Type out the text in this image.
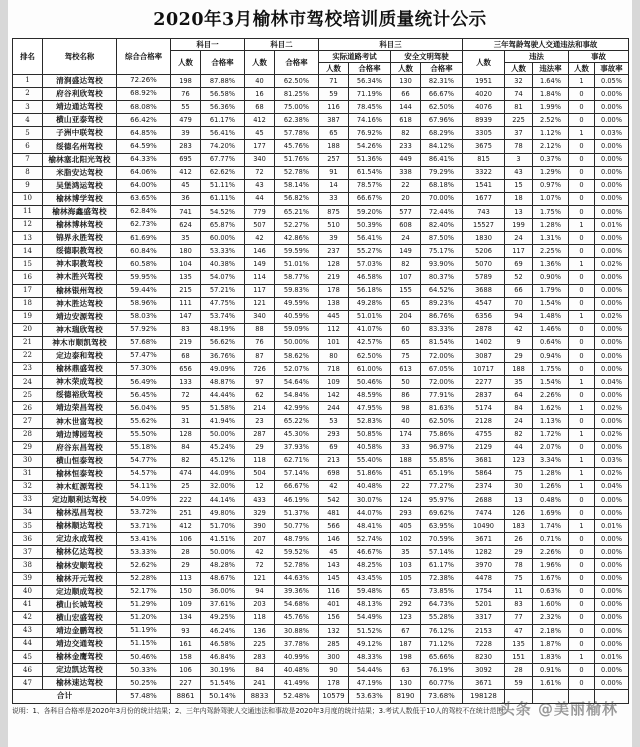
2020年3月榆林市驾校培训质量统计公示
排名	驾校名称	综合合格率	科目一		科目二		科目三				三年驾龄驾驶人交通违法和事故				
			人数	合格率	人数	合格率	实际道路考试		安全文明驾驶		人数	违法		事故	
							人数	合格率	人数	合格率		人数	违法率	人数	事故率
1	清涧盛达驾校	72.26%	198	87.88%	40	62.50%	71	56.34%	130	82.31%	1951	32	1.64%	1	0.05%
2	府谷利欣驾校	68.92%	76	56.58%	16	81.25%	59	71.19%	66	66.67%	4020	74	1.84%	0	0.00%
3	靖边通达驾校	68.08%	55	56.36%	68	75.00%	116	78.45%	144	62.50%	4076	81	1.99%	0	0.00%
4	横山亚泰驾校	66.42%	479	61.17%	412	62.38%	387	74.16%	618	67.96%	8939	225	2.52%	0	0.00%
5	子洲中联驾校	64.85%	39	56.41%	45	57.78%	65	76.92%	82	68.29%	3305	37	1.12%	1	0.03%
6	绥德名州驾校	64.59%	283	74.20%	177	45.76%	188	54.26%	233	84.12%	3675	78	2.12%	0	0.00%
7	榆林塞北阳光驾校	64.33%	695	67.77%	340	51.76%	257	51.36%	449	86.41%	815	3	0.37%	0	0.00%
8	米脂安达驾校	64.06%	412	62.62%	72	52.78%	91	61.54%	338	79.29%	3322	43	1.29%	0	0.00%
9	吴堡鸿运驾校	64.00%	45	51.11%	43	58.14%	14	78.57%	22	68.18%	1541	15	0.97%	0	0.00%
10	榆林博学驾校	63.65%	36	61.11%	44	56.82%	33	66.67%	20	70.00%	1677	18	1.07%	0	0.00%
11	榆林海鑫盛驾校	62.84%	741	54.52%	779	65.21%	875	59.20%	577	72.44%	743	13	1.75%	0	0.00%
12	榆林博林驾校	62.73%	624	65.87%	507	52.27%	510	50.39%	608	82.40%	15527	199	1.28%	1	0.01%
13	锦界永胜驾校	61.69%	35	60.00%	42	42.86%	39	56.41%	24	87.50%	1830	24	1.31%	0	0.00%
14	绥德职教驾校	60.84%	180	53.33%	146	59.59%	237	55.27%	149	75.17%	5206	117	2.25%	0	0.00%
15	神木职教驾校	60.58%	104	40.38%	149	51.01%	128	57.03%	82	93.90%	5070	69	1.36%	1	0.02%
16	神木胜兴驾校	59.95%	135	54.07%	114	58.77%	219	46.58%	107	80.37%	5789	52	0.90%	0	0.00%
17	榆林银州驾校	59.44%	215	57.21%	117	59.83%	178	56.18%	155	64.52%	3688	66	1.79%	0	0.00%
18	神木胜达驾校	58.96%	111	47.75%	121	49.59%	138	49.28%	65	89.23%	4547	70	1.54%	0	0.00%
19	靖边安源驾校	58.03%	147	53.74%	340	40.59%	445	51.01%	204	86.76%	6356	94	1.48%	1	0.02%
20	神木瑞欣驾校	57.92%	83	48.19%	88	59.09%	112	41.07%	60	83.33%	2878	42	1.46%	0	0.00%
21	神木市顺凯驾校	57.68%	219	56.62%	76	50.00%	101	42.57%	65	81.54%	1402	9	0.64%	0	0.00%
22	定边泰和驾校	57.47%	68	36.76%	87	58.62%	80	62.50%	75	72.00%	3087	29	0.94%	0	0.00%
23	榆林鼎盛驾校	57.30%	656	49.09%	726	52.07%	718	61.00%	613	67.05%	10717	188	1.75%	0	0.00%
24	神木荣成驾校	56.49%	133	48.87%	97	54.64%	109	50.46%	50	72.00%	2277	35	1.54%	1	0.04%
25	绥德裕欣驾校	56.45%	72	44.44%	62	54.84%	142	48.59%	86	77.91%	2837	64	2.26%	0	0.00%
26	靖边荣昌驾校	56.04%	95	51.58%	214	42.99%	244	47.95%	98	81.63%	5174	84	1.62%	1	0.02%
27	神木世富驾校	55.62%	31	41.94%	23	65.22%	53	52.83%	40	62.50%	2128	24	1.13%	0	0.00%
28	靖边博园驾校	55.50%	128	50.00%	287	45.30%	293	50.85%	174	75.86%	4755	82	1.72%	1	0.02%
29	府谷东昌驾校	55.18%	84	45.24%	29	37.93%	69	40.58%	33	96.97%	2129	44	2.07%	0	0.00%
30	横山恒泰驾校	54.77%	82	45.12%	118	62.71%	213	55.40%	188	55.85%	3681	123	3.34%	1	0.03%
31	榆林恒泰驾校	54.57%	474	44.09%	504	57.14%	698	51.86%	451	65.19%	5864	75	1.28%	1	0.02%
32	神木虹源驾校	54.11%	25	32.00%	12	66.67%	42	40.48%	22	77.27%	2374	30	1.26%	1	0.04%
33	定边顺利达驾校	54.09%	222	44.14%	433	46.19%	542	30.07%	124	95.97%	2688	13	0.48%	0	0.00%
34	榆林泓昌驾校	53.72%	251	49.80%	329	51.37%	481	44.07%	293	69.62%	7474	126	1.69%	0	0.00%
35	榆林顺达驾校	53.71%	412	51.70%	390	50.77%	566	48.41%	405	63.95%	10490	183	1.74%	1	0.01%
36	定边永成驾校	53.41%	106	41.51%	207	48.79%	146	52.74%	102	70.59%	3671	26	0.71%	0	0.00%
37	榆林亿达驾校	53.33%	28	50.00%	42	59.52%	45	46.67%	35	57.14%	1282	29	2.26%	0	0.00%
38	榆林安顺驾校	52.62%	29	48.28%	72	52.78%	143	48.25%	103	61.17%	3970	78	1.96%	0	0.00%
39	榆林开元驾校	52.28%	113	48.67%	121	44.63%	145	43.45%	105	72.38%	4478	75	1.67%	0	0.00%
40	定边顺成驾校	52.17%	150	36.00%	94	39.36%	116	59.48%	65	73.85%	1754	11	0.63%	0	0.00%
41	横山长城驾校	51.29%	109	37.61%	203	54.68%	401	48.13%	292	64.73%	5201	83	1.60%	0	0.00%
42	横山宏盛驾校	51.20%	134	49.25%	118	45.76%	156	54.49%	123	55.28%	3317	77	2.32%	0	0.00%
43	靖边金鹏驾校	51.19%	93	46.24%	136	30.88%	132	51.52%	67	76.12%	2153	47	2.18%	0	0.00%
44	靖边交通驾校	51.15%	161	46.58%	225	37.78%	285	49.12%	187	71.12%	7228	135	1.87%	0	0.00%
45	榆林金鹰驾校	50.46%	158	46.84%	283	40.99%	300	48.33%	198	65.66%	8230	151	1.83%	1	0.01%
46	定边凯达驾校	50.33%	106	30.19%	84	40.48%	90	54.44%	63	76.19%	3092	28	0.91%	0	0.00%
47	榆林速达驾校	50.25%	227	51.54%	241	41.49%	178	47.19%	130	60.77%	3671	59	1.61%	0	0.00%
合计		57.48%	8861	50.14%	8833	52.48%	10579	53.63%	8190	73.68%	198128				
说明：1、各科目合格率是2020年3月份的统计结果；2、三年内驾龄驾驶人交通违法和事故是2020年3月度的统计结果；3.考试人数低于10人的驾校不在统计范围。
头条 @美丽榆林
